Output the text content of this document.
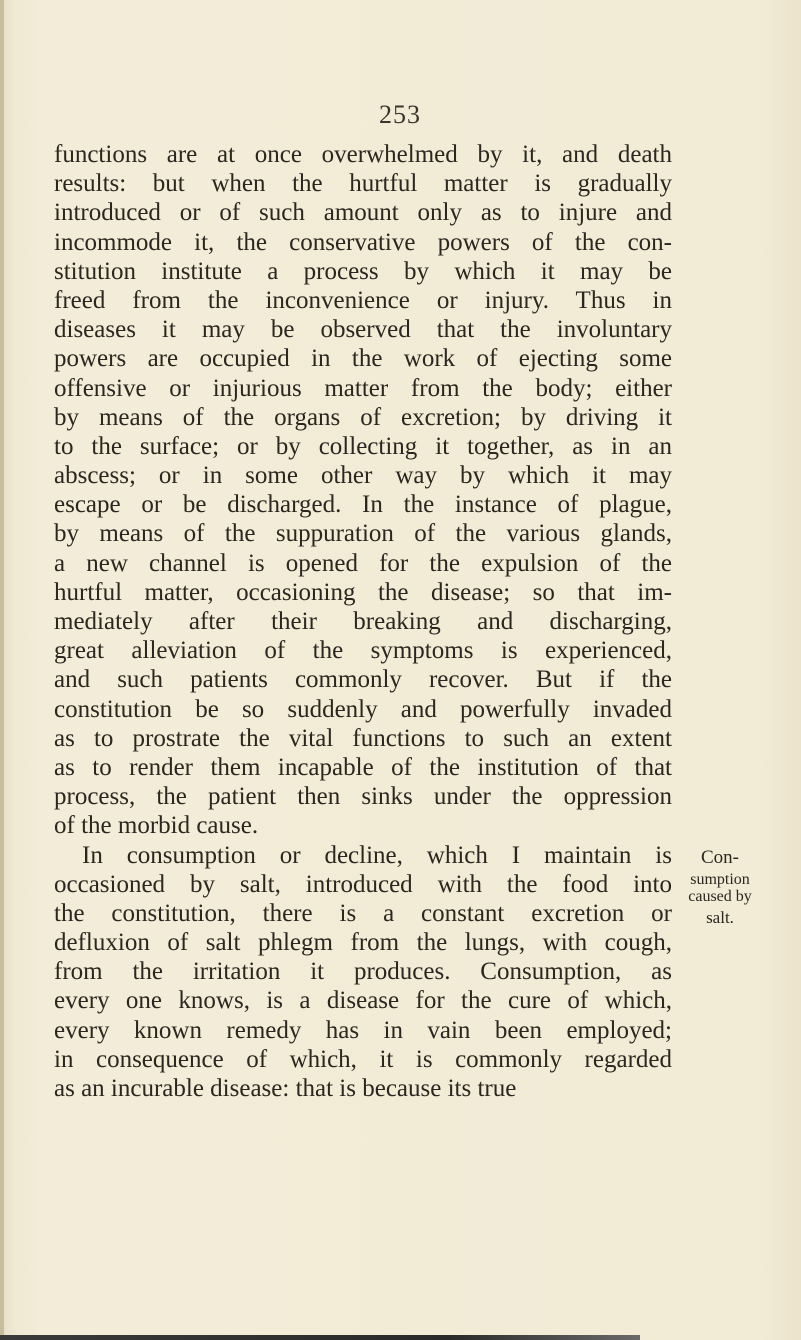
253
functions are at once overwhelmed by it, and death
results: but when the hurtful matter is gradually
introduced or of such amount only as to injure and
incommode it, the conservative powers of the con-
stitution institute a process by which it may be
freed from the inconvenience or injury. Thus in
diseases it may be observed that the involuntary
powers are occupied in the work of ejecting some
offensive or injurious matter from the body; either
by means of the organs of excretion; by driving it
to the surface; or by collecting it together, as in an
abscess; or in some other way by which it may
escape or be discharged. In the instance of plague,
by means of the suppuration of the various glands,
a new channel is opened for the expulsion of the
hurtful matter, occasioning the disease; so that im-
mediately after their breaking and discharging,
great alleviation of the symptoms is experienced,
and such patients commonly recover. But if the
constitution be so suddenly and powerfully invaded
as to prostrate the vital functions to such an extent
as to render them incapable of the institution of that
process, the patient then sinks under the oppression
of the morbid cause.
In consumption or decline, which I maintain is
occasioned by salt, introduced with the food into
the constitution, there is a constant excretion or
defluxion of salt phlegm from the lungs, with cough,
from the irritation it produces. Consumption, as
every one knows, is a disease for the cure of which,
every known remedy has in vain been employed;
in consequence of which, it is commonly regarded
as an incurable disease: that is because its true
Con-
sumption
caused by
salt.
